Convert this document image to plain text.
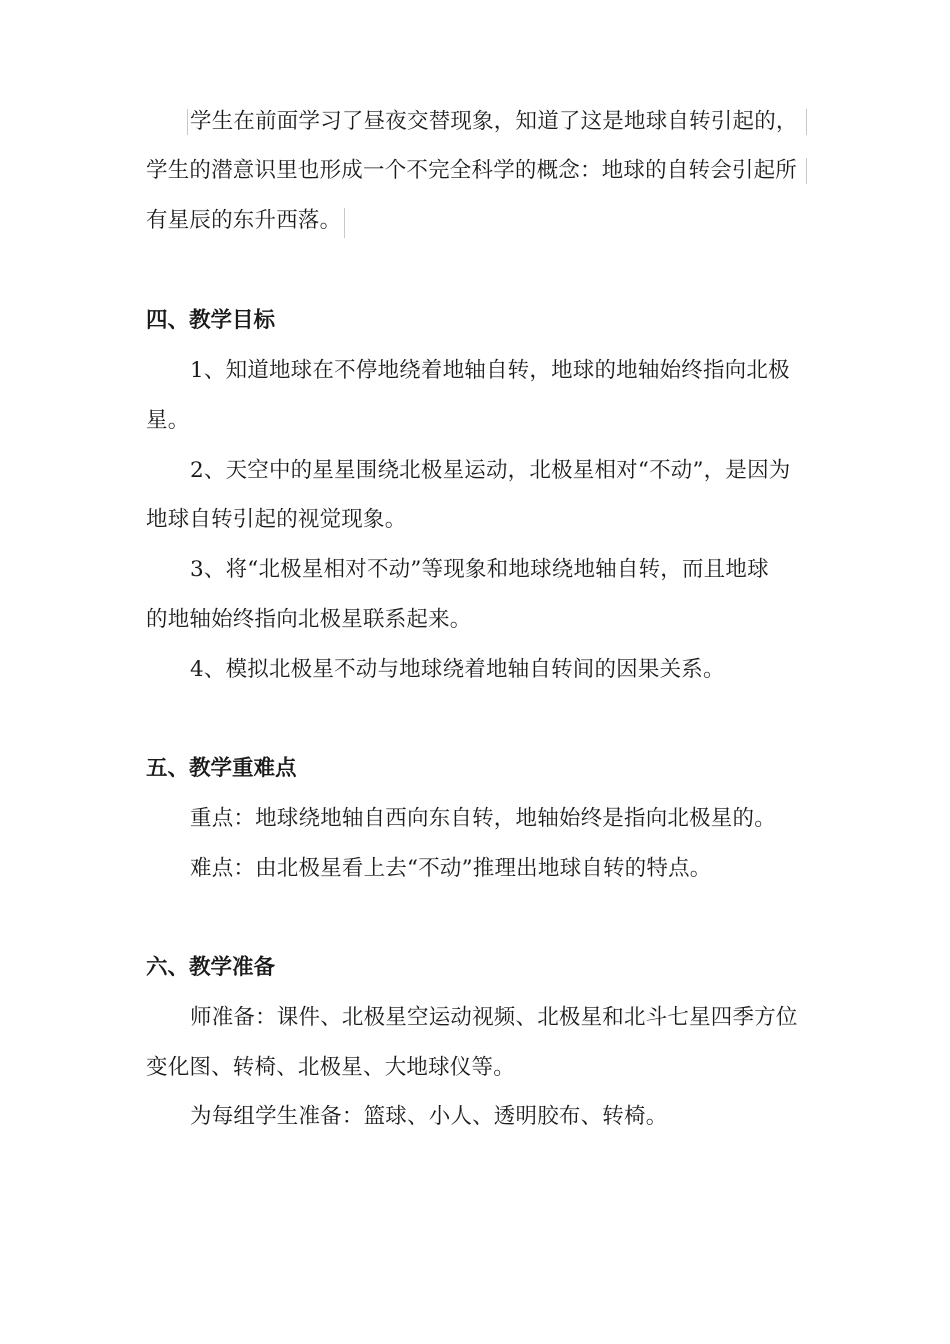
学生在前面学习了昼夜交替现象，知道了这是地球自转引起的，
学生的潜意识里也形成一个不完全科学的概念：地球的自转会引起所
有星辰的东升西落。
四、教学目标
1、知道地球在不停地绕着地轴自转，地球的地轴始终指向北极
星。
2、天空中的星星围绕北极星运动，北极星相对“不动”，是因为
地球自转引起的视觉现象。
3、将“北极星相对不动”等现象和地球绕地轴自转，而且地球
的地轴始终指向北极星联系起来。
4、模拟北极星不动与地球绕着地轴自转间的因果关系。
五、教学重难点
重点：地球绕地轴自西向东自转，地轴始终是指向北极星的。
难点：由北极星看上去“不动”推理出地球自转的特点。
六、教学准备
师准备：课件、北极星空运动视频、北极星和北斗七星四季方位
变化图、转椅、北极星、大地球仪等。
为每组学生准备：篮球、小人、透明胶布、转椅。
